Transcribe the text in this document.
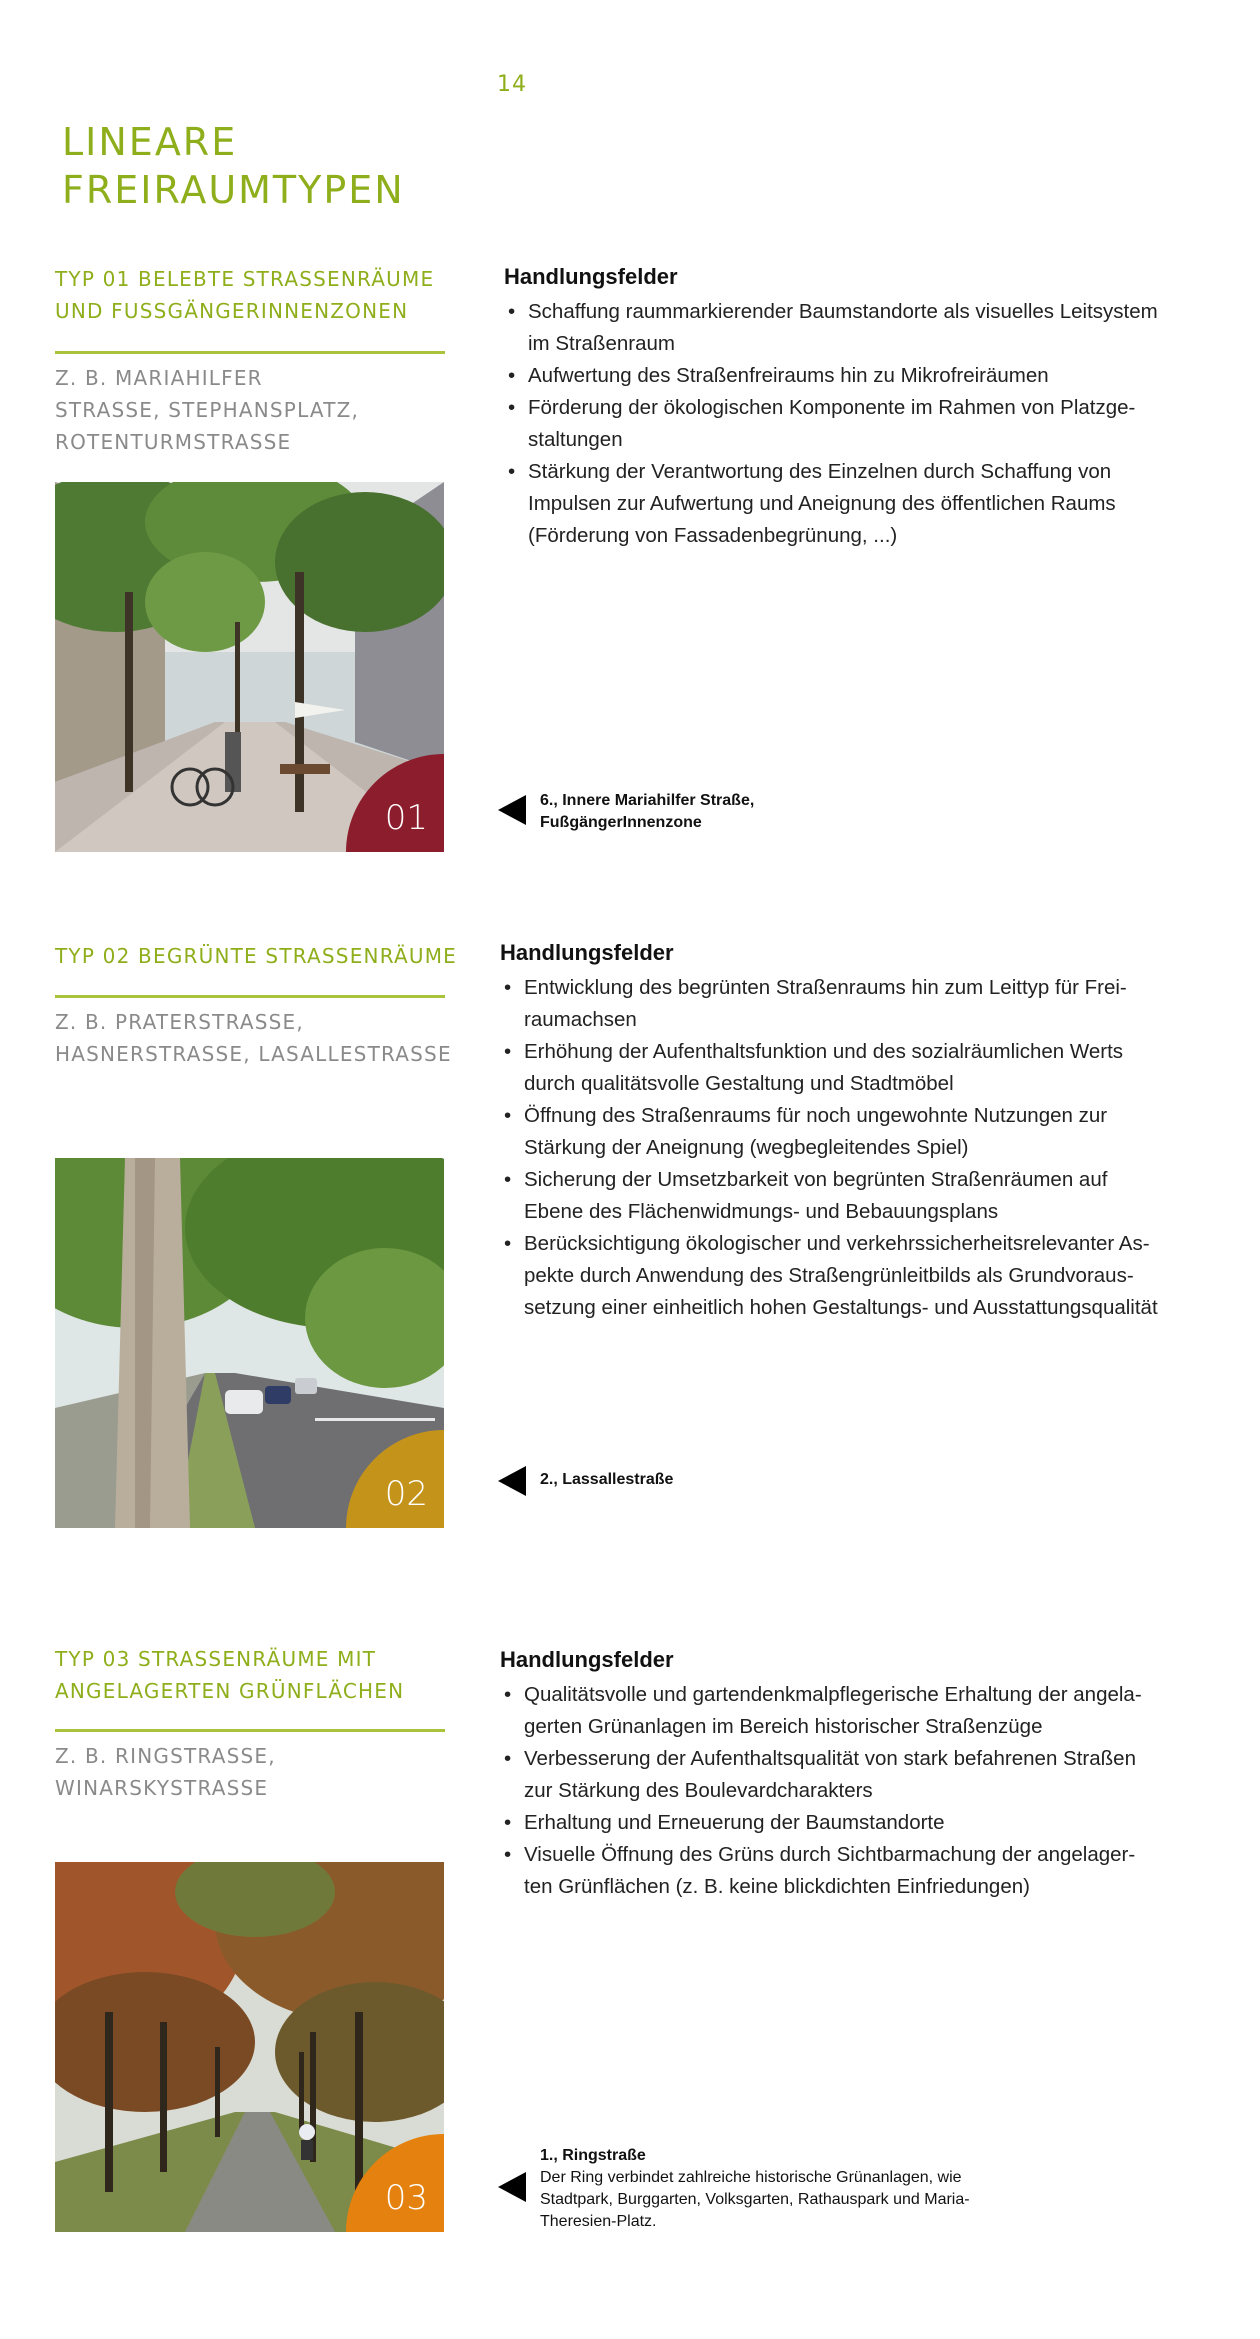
14
LINEARE
FREIRAUMTYPEN
TYP 01 BELEBTE STRASSENRÄUME
UND FUSSGÄNGERINNENZONEN
Z. B. MARIAHILFER
STRASSE, STEPHANSPLATZ,
ROTENTURMSTRASSE
01
Handlungsfelder
• Schaffung raummarkierender Baumstandorte als visuelles Leitsystem
im Straßenraum
• Aufwertung des Straßenfreiraums hin zu Mikrofreiräumen
• Förderung der ökologischen Komponente im Rahmen von Platzge-
staltungen
• Stärkung der Verantwortung des Einzelnen durch Schaffung von
Impulsen zur Aufwertung und Aneignung des öffentlichen Raums
(Förderung von Fassadenbegrünung, ...)
6., Innere Mariahilfer Straße,
FußgängerInnenzone
TYP 02 BEGRÜNTE STRASSENRÄUME
Z. B. PRATERSTRASSE,
HASNERSTRASSE, LASALLESTRASSE
02
Handlungsfelder
• Entwicklung des begrünten Straßenraums hin zum Leittyp für Frei-
raumachsen
• Erhöhung der Aufenthaltsfunktion und des sozialräumlichen Werts
durch qualitätsvolle Gestaltung und Stadtmöbel
• Öffnung des Straßenraums für noch ungewohnte Nutzungen zur
Stärkung der Aneignung (wegbegleitendes Spiel)
• Sicherung der Umsetzbarkeit von begrünten Straßenräumen auf
Ebene des Flächenwidmungs- und Bebauungsplans
• Berücksichtigung ökologischer und verkehrssicherheitsrelevanter As-
pekte durch Anwendung des Straßengrünleitbilds als Grundvoraus-
setzung einer einheitlich hohen Gestaltungs- und Ausstattungsqualität
2., Lassallestraße
TYP 03 STRASSENRÄUME MIT
ANGELAGERTEN GRÜNFLÄCHEN
Z. B. RINGSTRASSE,
WINARSKYSTRASSE
03
Handlungsfelder
• Qualitätsvolle und gartendenkmalpflegerische Erhaltung der angela-
gerten Grünanlagen im Bereich historischer Straßenzüge
• Verbesserung der Aufenthaltsqualität von stark befahrenen Straßen
zur Stärkung des Boulevardcharakters
• Erhaltung und Erneuerung der Baumstandorte
• Visuelle Öffnung des Grüns durch Sichtbarmachung der angelager-
ten Grünflächen (z. B. keine blickdichten Einfriedungen)
1., Ringstraße
Der Ring verbindet zahlreiche historische Grünanlagen, wie
Stadtpark, Burggarten, Volksgarten, Rathauspark und Maria-
Theresien-Platz.
